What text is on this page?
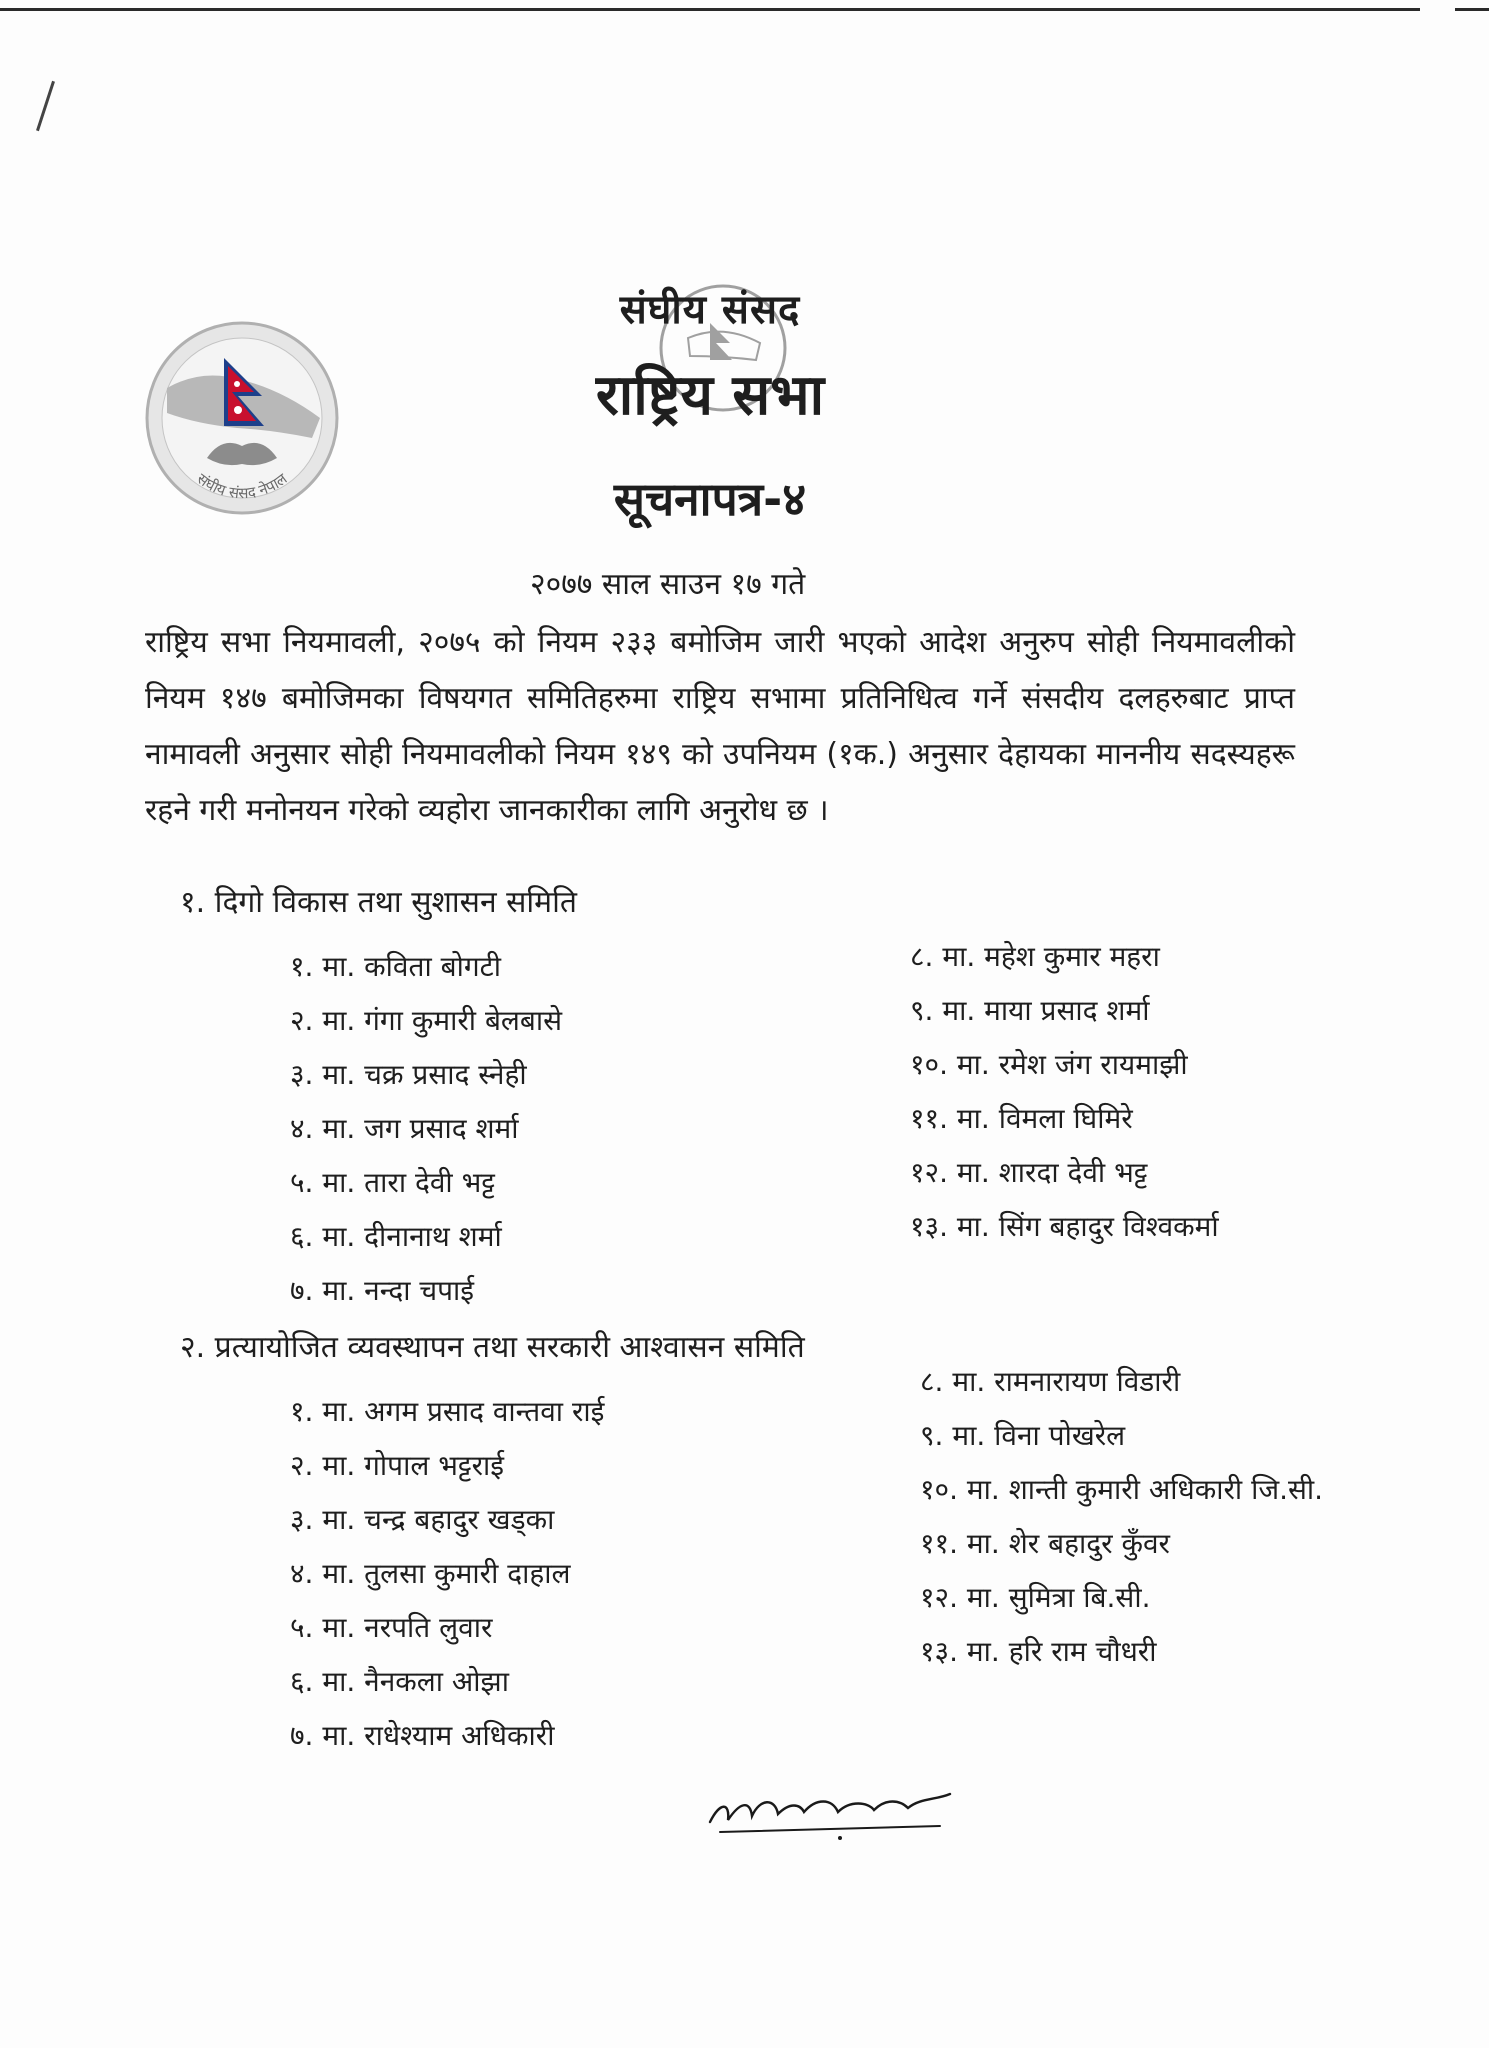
संघीय संसद नेपाल
संघीय संसद
राष्ट्रिय सभा
सूचनापत्र-४
२०७७ साल साउन १७ गते
राष्ट्रिय सभा नियमावली, २०७५ को नियम २३३ बमोजिम जारी भएको आदेश अनुरुप सोही नियमावलीको नियम १४७ बमोजिमका विषयगत समितिहरुमा राष्ट्रिय सभामा प्रतिनिधित्व गर्ने संसदीय दलहरुबाट प्राप्त नामावली अनुसार सोही नियमावलीको नियम १४९ को उपनियम (१क.) अनुसार देहायका माननीय सदस्यहरू रहने गरी मनोनयन गरेको व्यहोरा जानकारीका लागि अनुरोध छ ।
१. दिगो विकास तथा सुशासन समिति
१. मा. कविता बोगटी
२. मा. गंगा कुमारी बेलबासे
३. मा. चक्र प्रसाद स्नेही
४. मा. जग प्रसाद शर्मा
५. मा. तारा देवी भट्ट
६. मा. दीनानाथ शर्मा
७. मा. नन्दा चपाई
८. मा. महेश कुमार महरा
९. मा. माया प्रसाद शर्मा
१०. मा. रमेश जंग रायमाझी
११. मा. विमला घिमिरे
१२. मा. शारदा देवी भट्ट
१३. मा. सिंग बहादुर विश्वकर्मा
२. प्रत्यायोजित व्यवस्थापन तथा सरकारी आश्वासन समिति
१. मा. अगम प्रसाद वान्तवा राई
२. मा. गोपाल भट्टराई
३. मा. चन्द्र बहादुर खड्का
४. मा. तुलसा कुमारी दाहाल
५. मा. नरपति लुवार
६. मा. नैनकला ओझा
७. मा. राधेश्याम अधिकारी
८. मा. रामनारायण विडारी
९. मा. विना पोखरेल
१०. मा. शान्ती कुमारी अधिकारी जि.सी.
११. मा. शेर बहादुर कुँवर
१२. मा. सुमित्रा बि.सी.
१३. मा. हरि राम चौधरी
